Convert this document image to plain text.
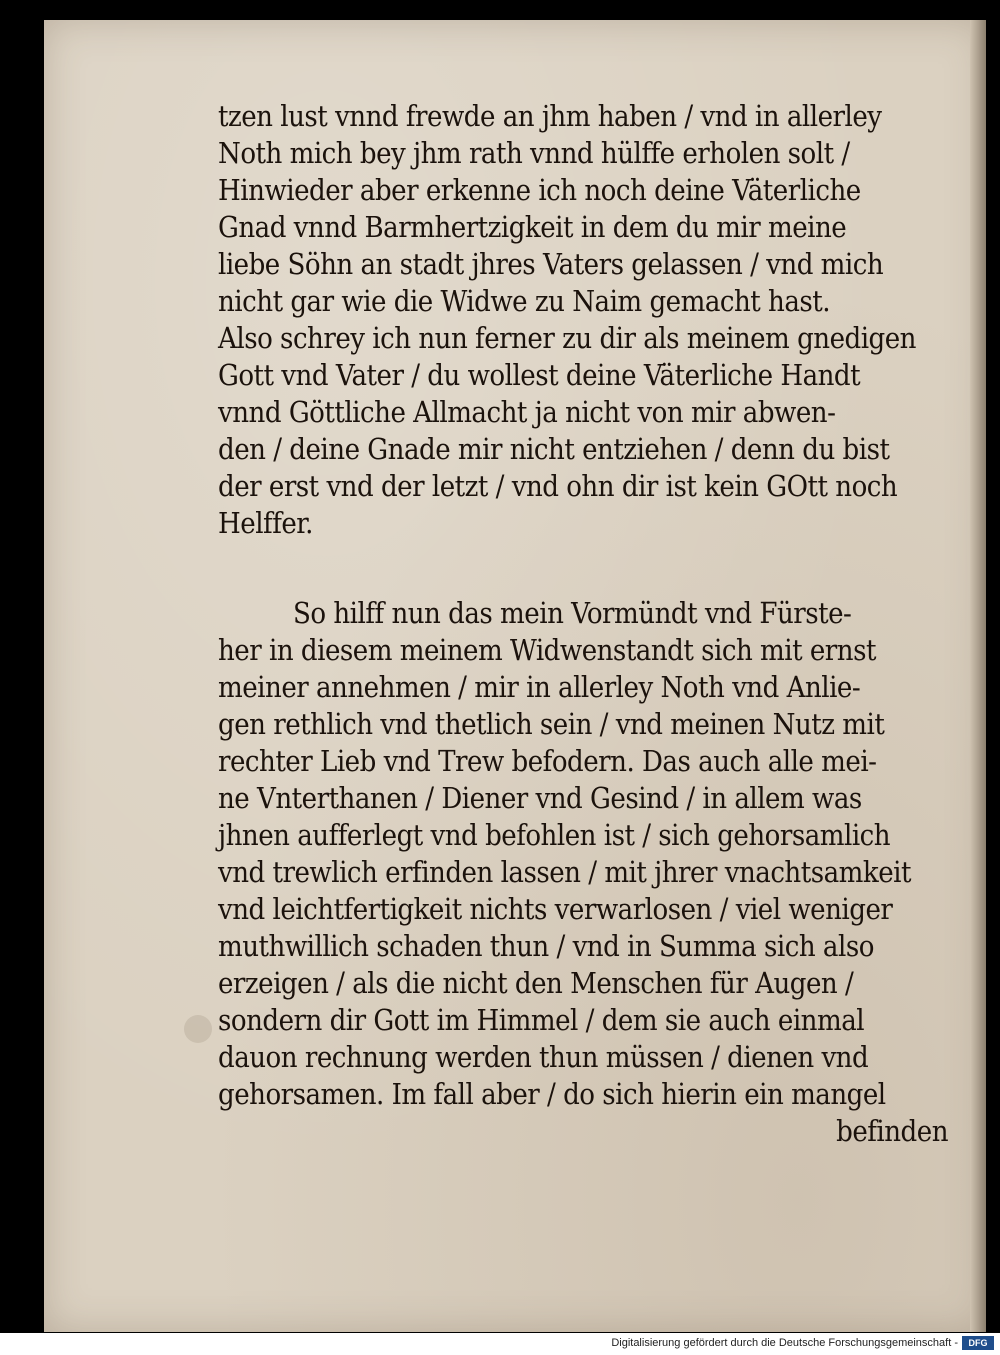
tzen lust vnnd frewde an jhm haben / vnd in allerley
Noth mich bey jhm rath vnnd hülffe erholen solt /
Hinwieder aber erkenne ich noch deine Väterliche
Gnad vnnd Barmhertzigkeit in dem du mir meine
liebe Söhn an stadt jhres Vaters gelassen / vnd mich
nicht gar wie die Widwe zu Naim gemacht hast.
Also schrey ich nun ferner zu dir als meinem gnedigen
Gott vnd Vater / du wollest deine Väterliche Handt
vnnd Göttliche Allmacht ja nicht von mir abwen-
den / deine Gnade mir nicht entziehen / denn du bist
der erst vnd der letzt / vnd ohn dir ist kein GOtt noch
Helffer.
So hilff nun das mein Vormündt vnd Fürste-
her in diesem meinem Widwenstandt sich mit ernst
meiner annehmen / mir in allerley Noth vnd Anlie-
gen rethlich vnd thetlich sein / vnd meinen Nutz mit
rechter Lieb vnd Trew befodern. Das auch alle mei-
ne Vnterthanen / Diener vnd Gesind / in allem was
jhnen aufferlegt vnd befohlen ist / sich gehorsamlich
vnd trewlich erfinden lassen / mit jhrer vnachtsamkeit
vnd leichtfertigkeit nichts verwarlosen / viel weniger
muthwillich schaden thun / vnd in Summa sich also
erzeigen / als die nicht den Menschen für Augen /
sondern dir Gott im Himmel / dem sie auch einmal
dauon rechnung werden thun müssen / dienen vnd
gehorsamen. Im fall aber / do sich hierin ein mangel
befinden
Digitalisierung gefördert durch die Deutsche Forschungsgemeinschaft -	DFG
